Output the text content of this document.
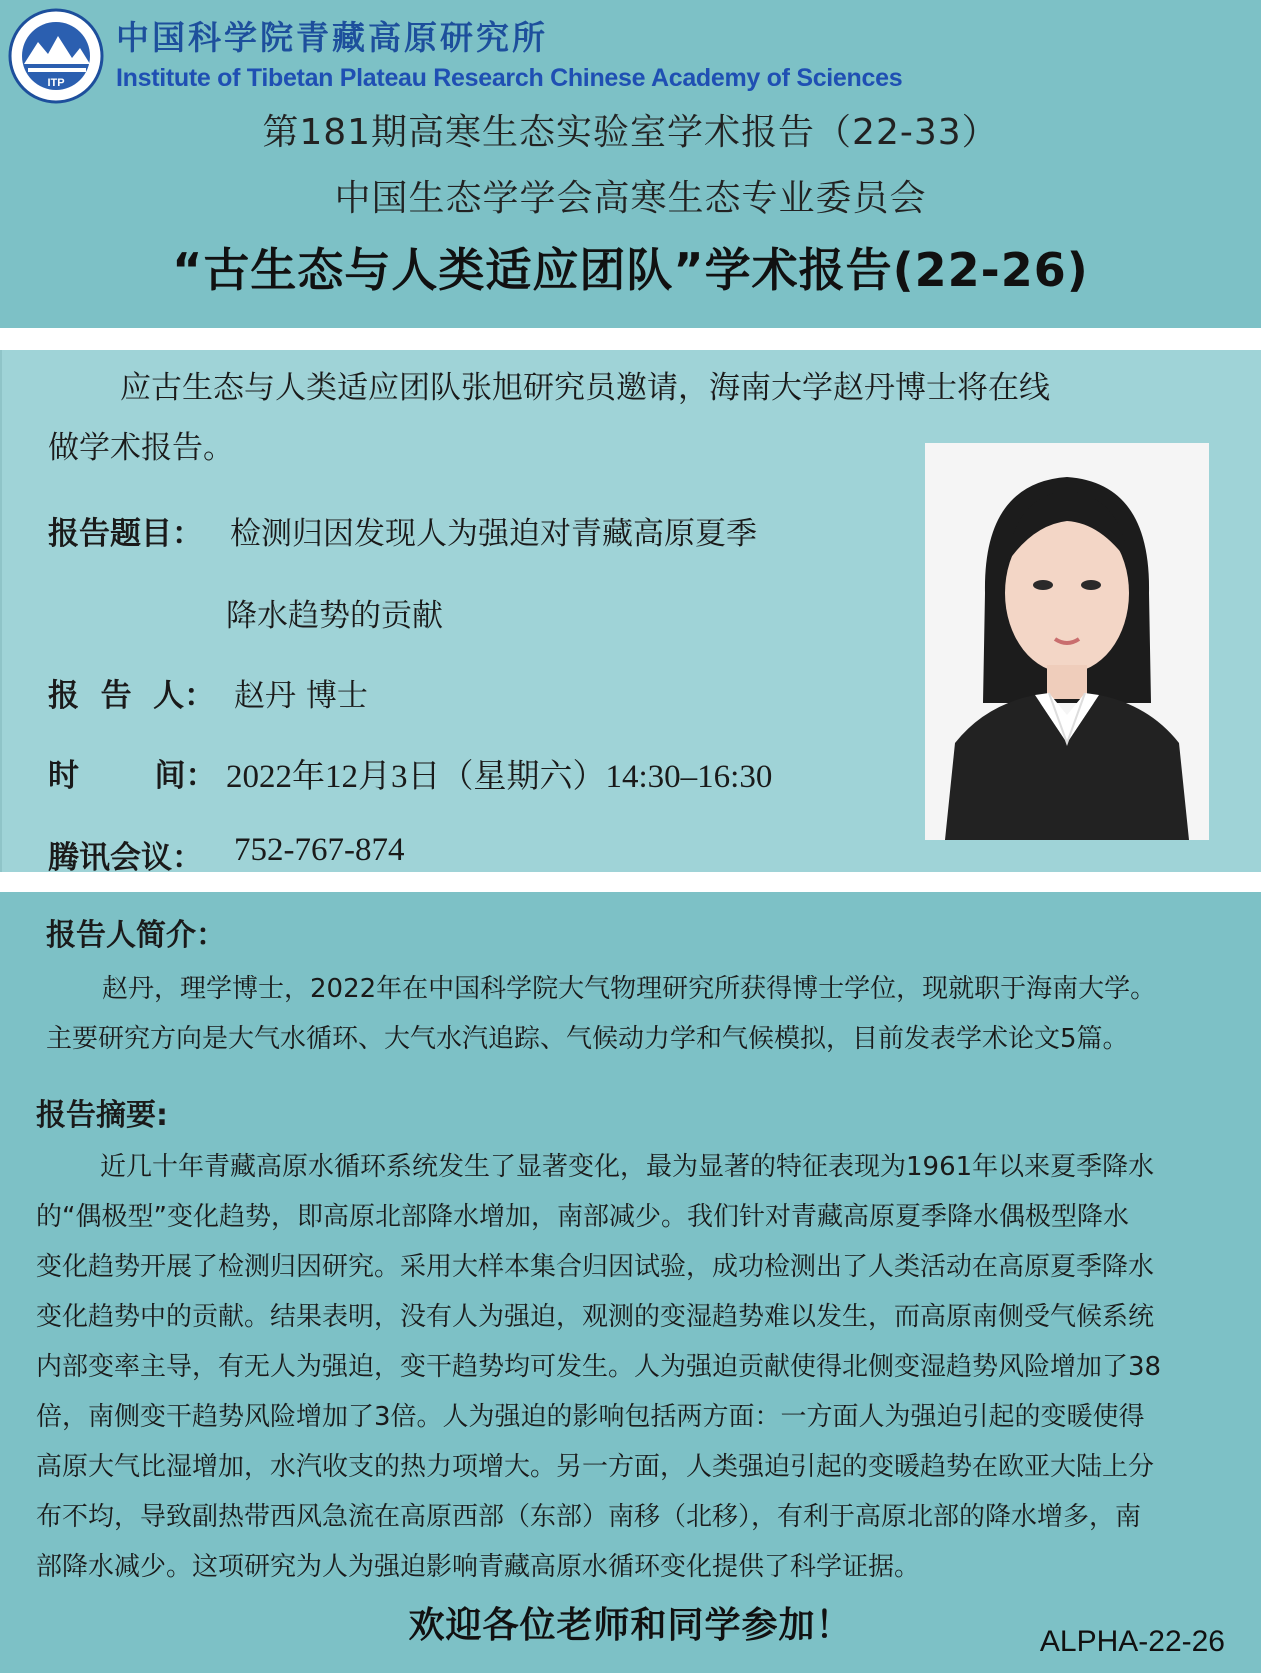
ITP
中国科学院青藏高原研究所
Institute of Tibetan Plateau Research Chinese Academy of Sciences
第181期高寒生态实验室学术报告（22-33）
中国生态学学会高寒生态专业委员会
“古生态与人类适应团队”学术报告(22-26)
应古生态与人类适应团队张旭研究员邀请，海南大学赵丹博士将在线
做学术报告。
报告题目： 检测归因发现人为强迫对青藏高原夏季
降水趋势的贡献
报  告  人： 赵丹 博士
时       间： 2022年12月3日（星期六）14:30–16:30
腾讯会议： 752-767-874
报告人简介：
赵丹，理学博士，2022年在中国科学院大气物理研究所获得博士学位，现就职于海南大学。
主要研究方向是大气水循环、大气水汽追踪、气候动力学和气候模拟，目前发表学术论文5篇。
报告摘要:
近几十年青藏高原水循环系统发生了显著变化，最为显著的特征表现为1961年以来夏季降水
的“偶极型”变化趋势，即高原北部降水增加，南部减少。我们针对青藏高原夏季降水偶极型降水
变化趋势开展了检测归因研究。采用大样本集合归因试验，成功检测出了人类活动在高原夏季降水
变化趋势中的贡献。结果表明，没有人为强迫，观测的变湿趋势难以发生，而高原南侧受气候系统
内部变率主导，有无人为强迫，变干趋势均可发生。人为强迫贡献使得北侧变湿趋势风险增加了38
倍，南侧变干趋势风险增加了3倍。人为强迫的影响包括两方面：一方面人为强迫引起的变暖使得
高原大气比湿增加，水汽收支的热力项增大。另一方面，人类强迫引起的变暖趋势在欧亚大陆上分
布不均，导致副热带西风急流在高原西部（东部）南移（北移），有利于高原北部的降水增多，南
部降水减少。这项研究为人为强迫影响青藏高原水循环变化提供了科学证据。
欢迎各位老师和同学参加！	ALPHA-22-26
